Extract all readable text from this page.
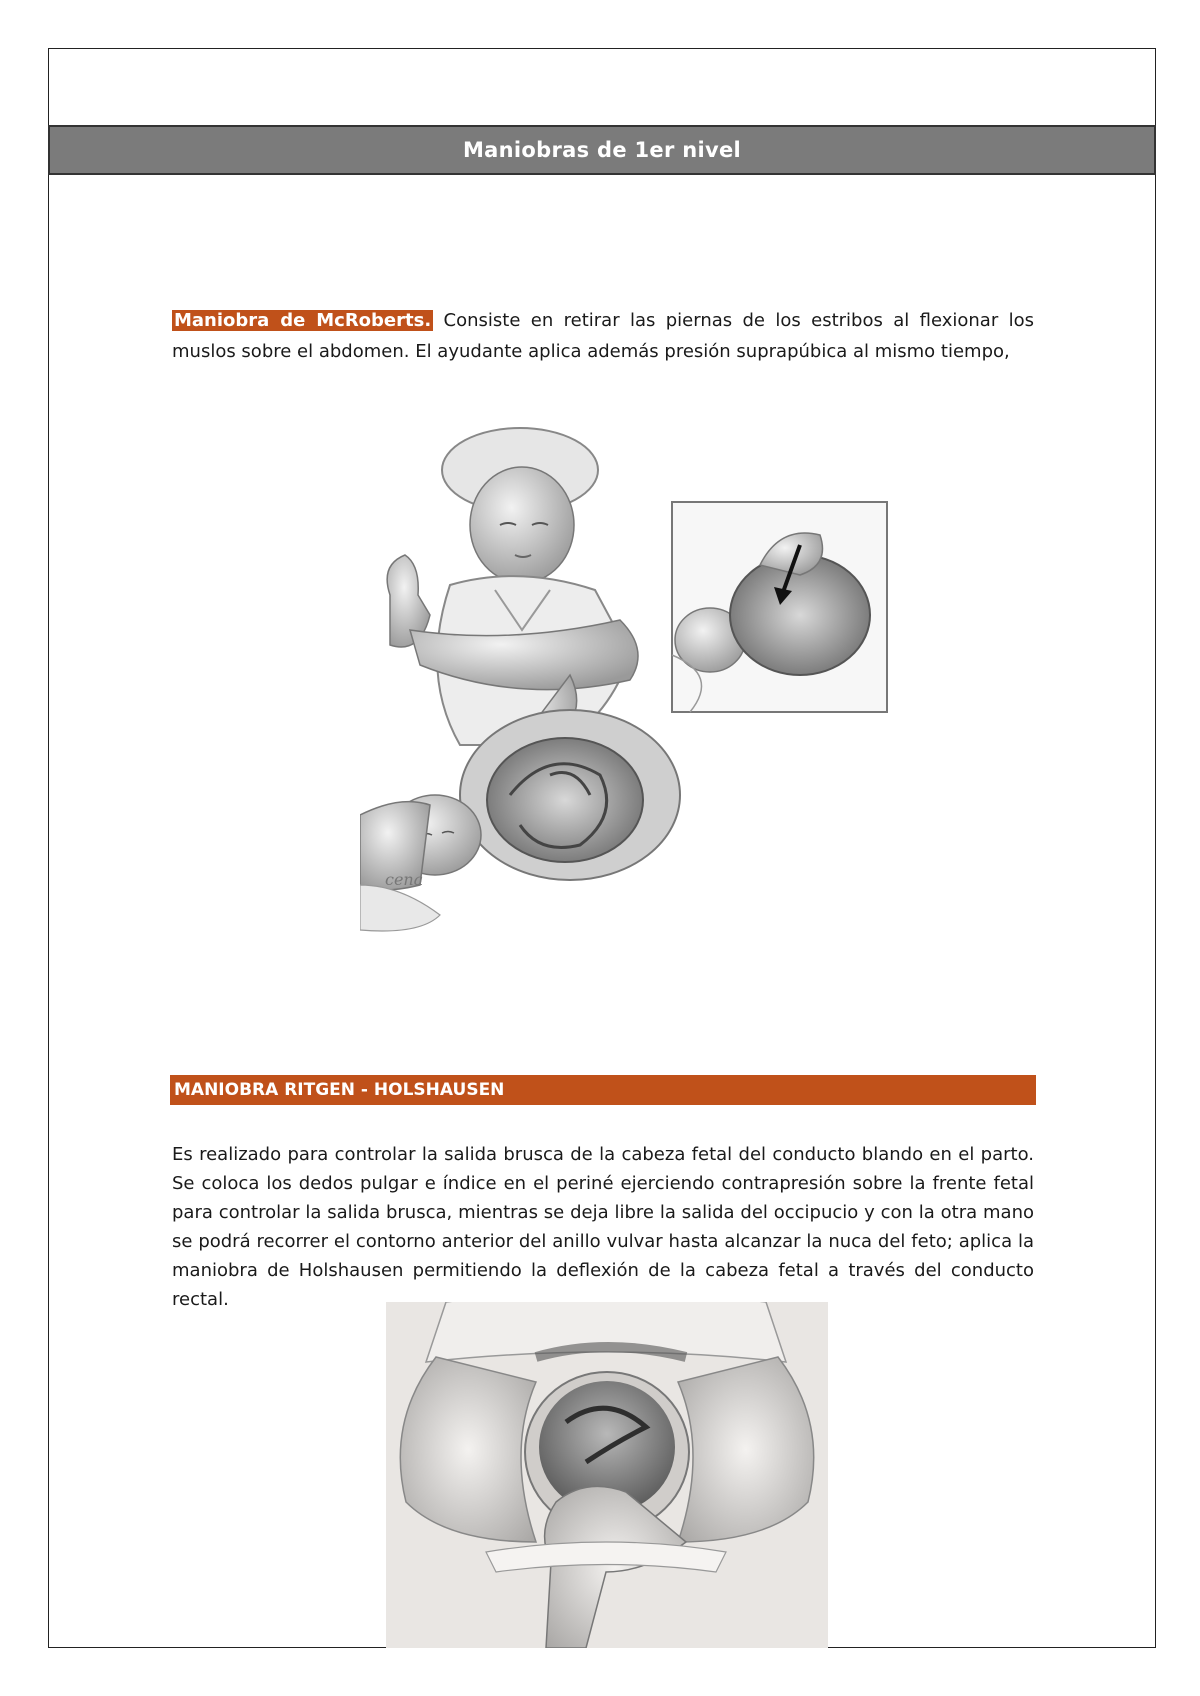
Maniobras de 1er nivel

Maniobra de McRoberts. Consiste en retirar las piernas de los estribos al flexionar los muslos sobre el abdomen. El ayudante aplica además presión suprapúbica al mismo tiempo,

cena
MANIOBRA RITGEN - HOLSHAUSEN

Es realizado para controlar la salida brusca de la cabeza fetal del conducto blando en el parto. Se coloca los dedos pulgar e índice en el periné ejerciendo contrapresión sobre la frente fetal para controlar la salida brusca, mientras se deja libre la salida del occipucio y con la otra mano se podrá recorrer el contorno anterior del anillo vulvar hasta alcanzar la nuca del feto; aplica la maniobra de Holshausen permitiendo la deflexión de la cabeza fetal a través del conducto rectal.
